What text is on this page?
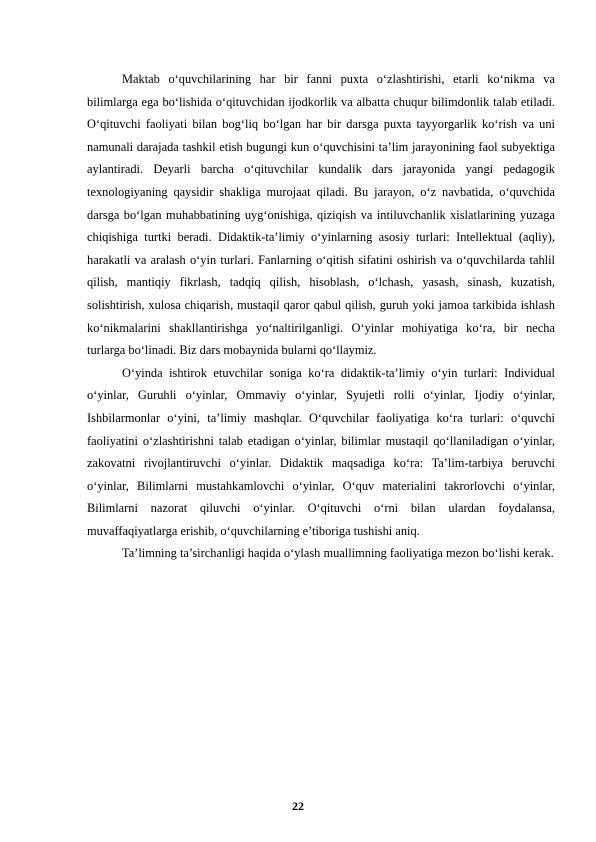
Maktab o‘quvchilarining har bir fanni puxta o‘zlashtirishi, etarli ko‘nikma va bilimlarga ega bo‘lishida o‘qituvchidan ijodkorlik va albatta chuqur bilimdonlik talab etiladi. O‘qituvchi faoliyati bilan bog‘liq bo‘lgan har bir darsga puxta tayyorgarlik ko‘rish va uni namunali darajada tashkil etish bugungi kun o‘quvchisini ta’lim jarayonining faol subyektiga aylantiradi. Deyarli barcha o‘qituvchilar kundalik dars jarayonida yangi pedagogik texnologiyaning qaysidir shakliga murojaat qiladi. Bu jarayon, o‘z navbatida, o‘quvchida darsga bo‘lgan muhabbatining uyg‘onishiga, qiziqish va intiluvchanlik xislatlarining yuzaga chiqishiga turtki beradi. Didaktik-ta’limiy o‘yinlarning asosiy turlari: Intellektual (aqliy), harakatli va aralash o‘yin turlari. Fanlarning o‘qitish sifatini oshirish va o‘quvchilarda tahlil qilish, mantiqiy fikrlash, tadqiq qilish, hisoblash, o‘lchash, yasash, sinash, kuzatish, solishtirish, xulosa chiqarish, mustaqil qaror qabul qilish, guruh yoki jamoa tarkibida ishlash ko‘nikmalarini shakllantirishga yo‘naltirilganligi. O‘yinlar mohiyatiga ko‘ra, bir necha turlarga bo‘linadi. Biz dars mobaynida bularni qo‘llaymiz.

O‘yinda ishtirok etuvchilar soniga ko‘ra didaktik-ta’limiy o‘yin turlari: Individual o‘yinlar, Guruhli o‘yinlar, Ommaviy o‘yinlar, Syujetli rolli o‘yinlar, Ijodiy o‘yinlar, Ishbilarmonlar o‘yini, ta’limiy mashqlar. O‘quvchilar faoliyatiga ko‘ra turlari: o‘quvchi faoliyatini o‘zlashtirishni talab etadigan o‘yinlar, bilimlar mustaqil qo‘llaniladigan o‘yinlar, zakovatni rivojlantiruvchi o‘yinlar. Didaktik maqsadiga ko‘ra: Ta’lim-tarbiya beruvchi o‘yinlar, Bilimlarni mustahkamlovchi o‘yinlar, O‘quv materialini takrorlovchi o‘yinlar, Bilimlarni nazorat qiluvchi o‘yinlar. O‘qituvchi o‘rni bilan ulardan foydalansa, muvaffaqiyatlarga erishib, o‘quvchilarning e’tiboriga tushishi aniq.

Ta’limning ta’sirchanligi haqida o‘ylash muallimning faoliyatiga mezon bo‘lishi kerak.

22
